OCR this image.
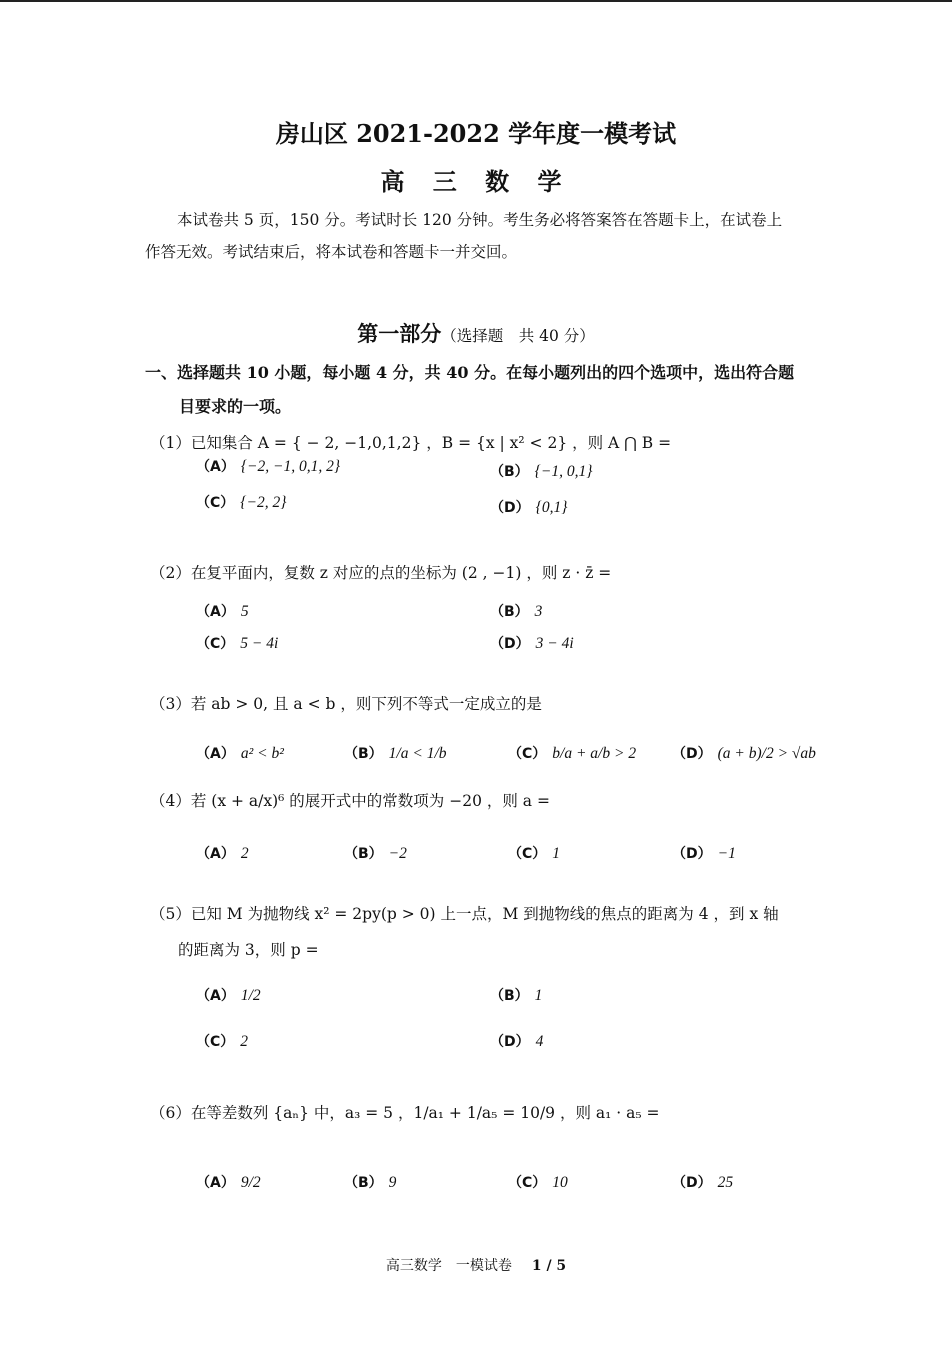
房山区 2021-2022 学年度一模考试
高 三 数 学
本试卷共 5 页，150 分。考试时长 120 分钟。考生务必将答案答在答题卡上，在试卷上
作答无效。考试结束后，将本试卷和答题卡一并交回。
第一部分（选择题　共 40 分）
一、选择题共 10 小题，每小题 4 分，共 40 分。在每小题列出的四个选项中，选出符合题
目要求的一项。
（1）已知集合 A = { − 2, −1,0,1,2} ，B = {x | x² < 2} ，则 A ⋂ B =
（A） {−2, −1, 0,1, 2}	（B） {−1, 0,1}
（C） {−2, 2}	（D） {0,1}
（2）在复平面内，复数 z 对应的点的坐标为 (2 , −1) ，则 z · z̄ =
（A） 5	（B） 3
（C） 5 − 4i	（D） 3 − 4i
（3）若 ab > 0, 且 a < b ，则下列不等式一定成立的是
（A） a² < b²	（B） 1/a < 1/b	（C） b/a + a/b > 2	（D） (a + b)/2 > √ab
（4）若 (x + a/x)⁶ 的展开式中的常数项为 −20 ，则 a =
（A） 2	（B） −2	（C） 1	（D） −1
（5）已知 M 为抛物线 x² = 2py(p > 0) 上一点，M 到抛物线的焦点的距离为 4 ，到 x 轴
的距离为 3，则 p =
（A） 1/2	（B） 1
（C） 2	（D） 4
（6）在等差数列 {aₙ} 中，a₃ = 5 ，1/a₁ + 1/a₅ = 10/9 ，则 a₁ · a₅ =
（A） 9/2	（B） 9	（C） 10	（D） 25
高三数学　一模试卷 1 / 5
